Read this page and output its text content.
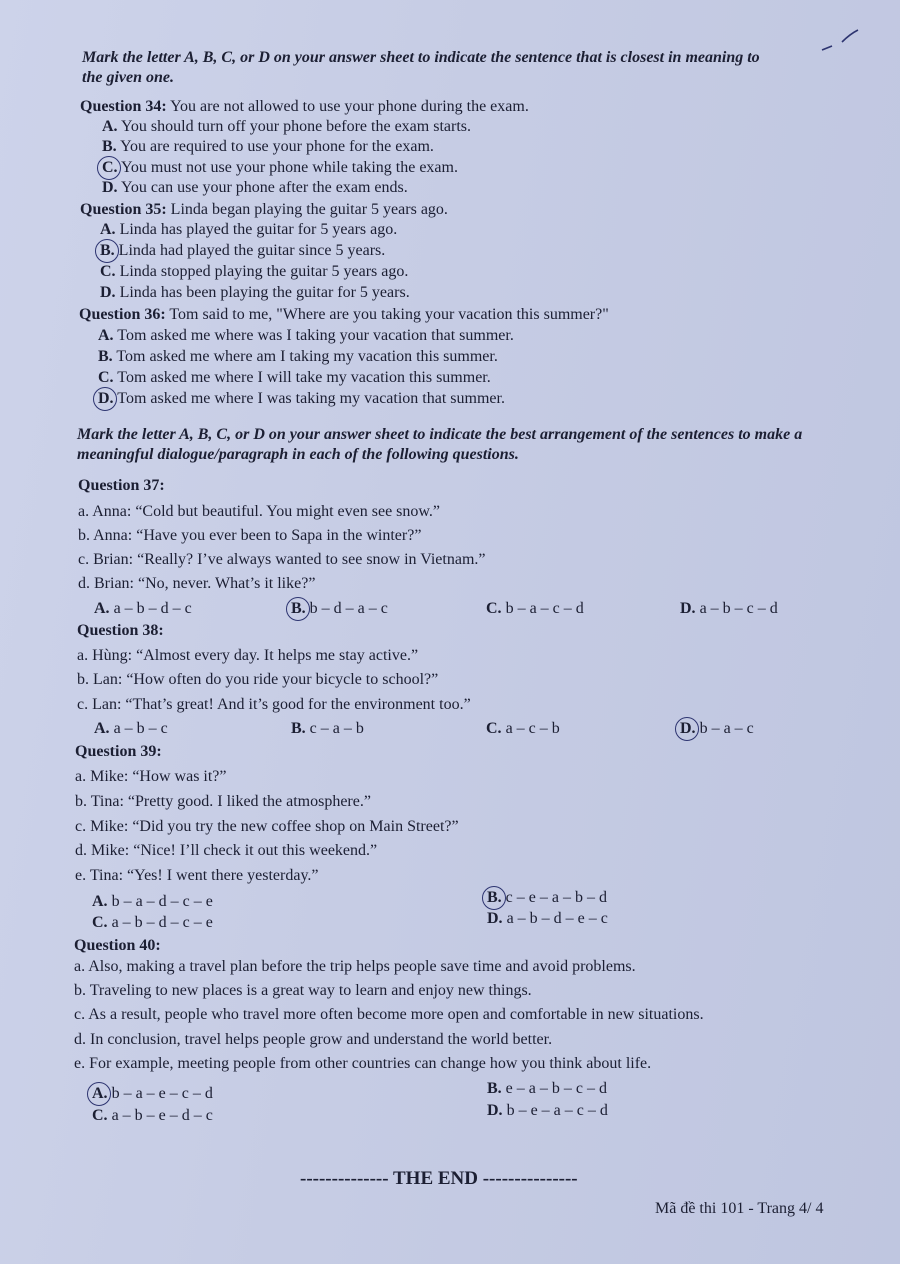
Mark the letter A, B, C, or D on your answer sheet to indicate the sentence that is closest in meaning to the given one.

Question 34: You are not allowed to use your phone during the exam.
A. You should turn off your phone before the exam starts.
B. You are required to use your phone for the exam.
C. You must not use your phone while taking the exam.
D. You can use your phone after the exam ends.
Question 35: Linda began playing the guitar 5 years ago.
A. Linda has played the guitar for 5 years ago.
B. Linda had played the guitar since 5 years.
C. Linda stopped playing the guitar 5 years ago.
D. Linda has been playing the guitar for 5 years.
Question 36: Tom said to me, "Where are you taking your vacation this summer?"
A. Tom asked me where was I taking your vacation that summer.
B. Tom asked me where am I taking my vacation this summer.
C. Tom asked me where I will take my vacation this summer.
D. Tom asked me where I was taking my vacation that summer.

Mark the letter A, B, C, or D on your answer sheet to indicate the best arrangement of the sentences to make a meaningful dialogue/paragraph in each of the following questions.

Question 37:
a. Anna: “Cold but beautiful. You might even see snow.”
b. Anna: “Have you ever been to Sapa in the winter?”
c. Brian: “Really? I’ve always wanted to see snow in Vietnam.”
d. Brian: “No, never. What’s it like?”
A. a – b – d – c	B. b – d – a – c	C. b – a – c – d	D. a – b – c – d
Question 38:
a. Hùng: “Almost every day. It helps me stay active.”
b. Lan: “How often do you ride your bicycle to school?”
c. Lan: “That’s great! And it’s good for the environment too.”
A. a – b – c	B. c – a – b	C. a – c – b	D. b – a – c
Question 39:
a. Mike: “How was it?”
b. Tina: “Pretty good. I liked the atmosphere.”
c. Mike: “Did you try the new coffee shop on Main Street?”
d. Mike: “Nice! I’ll check it out this weekend.”
e. Tina: “Yes! I went there yesterday.”
A. b – a – d – c – e	B. c – e – a – b – d
C. a – b – d – c – e	D. a – b – d – e – c
Question 40:
a. Also, making a travel plan before the trip helps people save time and avoid problems.
b. Traveling to new places is a great way to learn and enjoy new things.
c. As a result, people who travel more often become more open and comfortable in new situations.
d. In conclusion, travel helps people grow and understand the world better.
e. For example, meeting people from other countries can change how you think about life.
A. b – a – e – c – d	B. e – a – b – c – d
C. a – b – e – d – c	D. b – e – a – c – d
-------------- THE END ---------------
Mã đề thi 101 - Trang 4/ 4
